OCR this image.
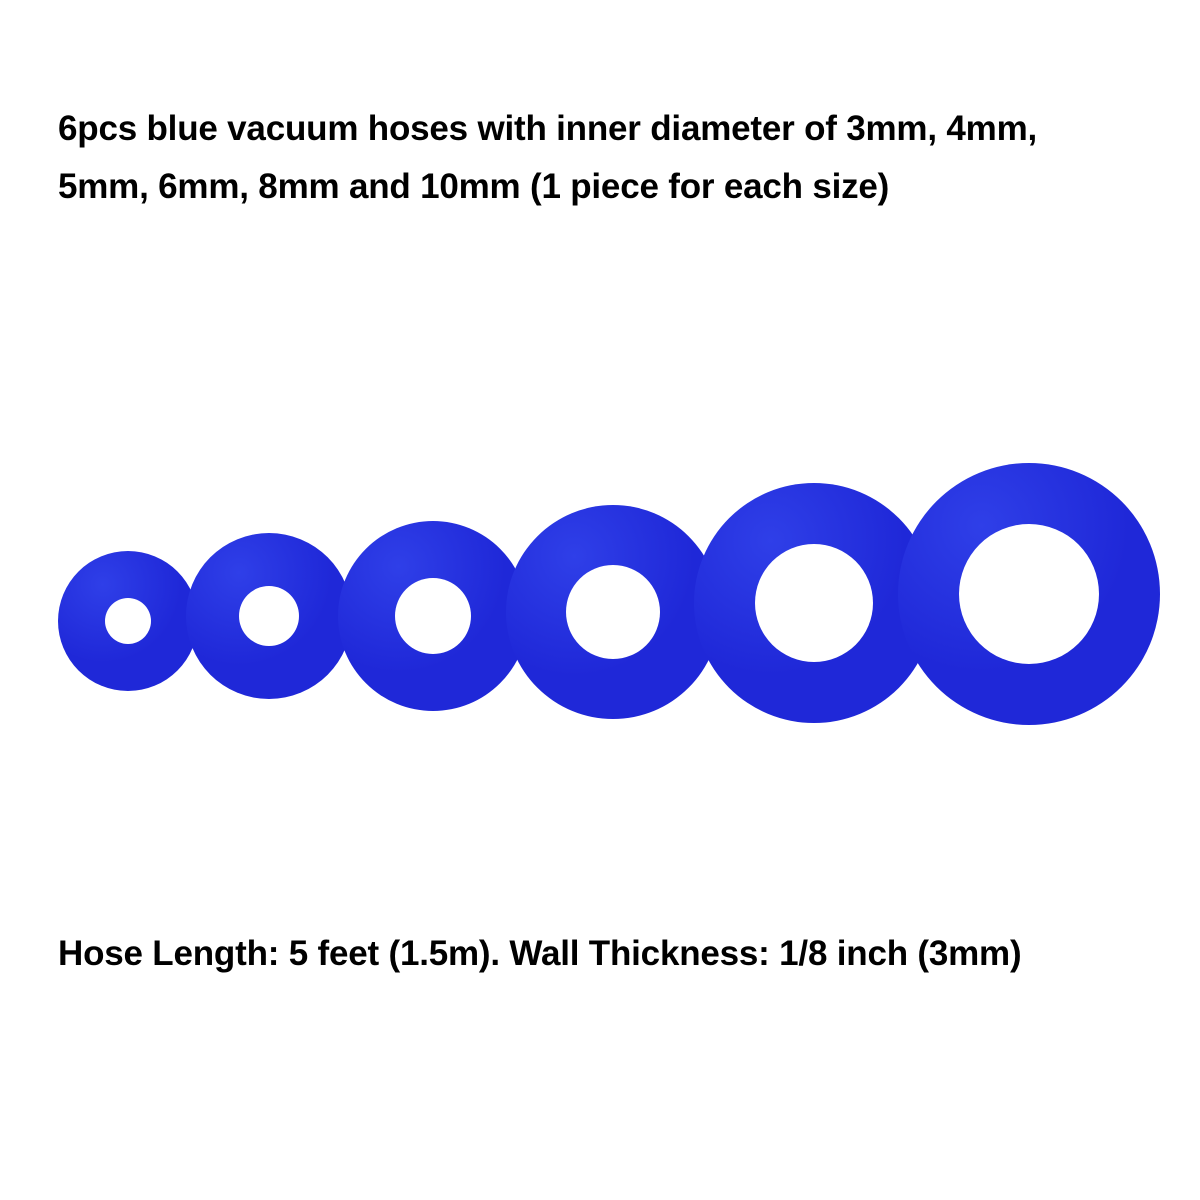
6pcs blue vacuum hoses with inner diameter of 3mm, 4mm, 5mm, 6mm, 8mm and 10mm (1 piece for each size)
Hose Length: 5 feet (1.5m). Wall Thickness: 1/8 inch (3mm)
